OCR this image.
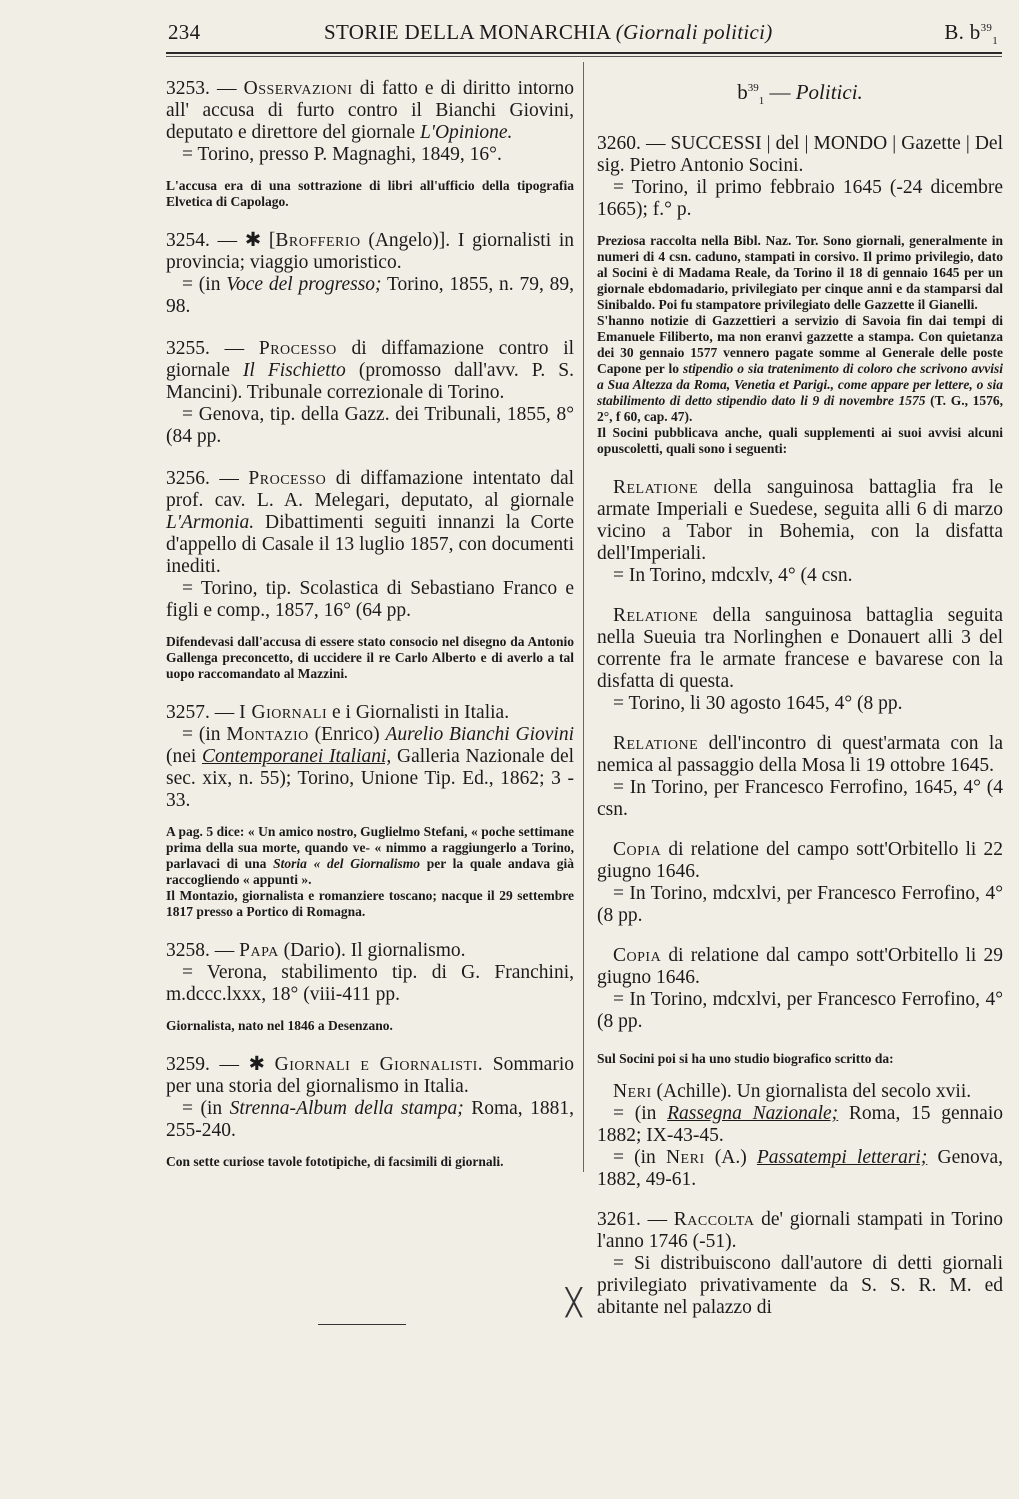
234	STORIE DELLA MONARCHIA (Giornali politici)	B. $b^{39}_1$
3253. — Osservazioni di fatto e di diritto intorno all' accusa di furto contro il Bianchi Giovini, deputato e direttore del giornale L'Opinione.
= Torino, presso P. Magnaghi, 1849, 16°.
L'accusa era di una sottrazione di libri all'ufficio della tipografia Elvetica di Capolago.
3254. — ✱ [Brofferio (Angelo)]. I giornalisti in provincia; viaggio umoristico.
= (in Voce del progresso; Torino, 1855, n. 79, 89, 98.
3255. — Processo di diffamazione contro il giornale Il Fischietto (promosso dall'avv. P. S. Mancini). Tribunale correzionale di Torino.
= Genova, tip. della Gazz. dei Tribunali, 1855, 8° (84 pp.
3256. — Processo di diffamazione intentato dal prof. cav. L. A. Melegari, deputato, al giornale L'Armonia. Dibattimenti seguiti innanzi la Corte d'appello di Casale il 13 luglio 1857, con documenti inediti.
= Torino, tip. Scolastica di Sebastiano Franco e figli e comp., 1857, 16° (64 pp.
Difendevasi dall'accusa di essere stato consocio nel disegno da Antonio Gallenga preconcetto, di uccidere il re Carlo Alberto e di averlo a tal uopo raccomandato al Mazzini.
3257. — I Giornali e i Giornalisti in Italia.
= (in Montazio (Enrico) Aurelio Bianchi Giovini (nei Contemporanei Italiani, Galleria Nazionale del sec. xix, n. 55); Torino, Unione Tip. Ed., 1862; 3 - 33.

A pag. 5 dice: « Un amico nostro, Guglielmo Stefani, « poche settimane prima della sua morte, quando ve- « nimmo a raggiungerlo a Torino, parlavaci di una Storia « del Giornalismo per la quale andava già raccogliendo « appunti ».

Il Montazio, giornalista e romanziere toscano; nacque il 29 settembre 1817 presso a Portico di Romagna.

3258. — Papa (Dario). Il giornalismo.
= Verona, stabilimento tip. di G. Franchini, m.dccc.lxxx, 18° (viii-411 pp.
Giornalista, nato nel 1846 a Desenzano.
3259. — ✱ Giornali e Giornalisti. Sommario per una storia del giornalismo in Italia.
= (in Strenna-Album della stampa; Roma, 1881, 255-240.
Con sette curiose tavole fototipiche, di facsimili di giornali.
╳
$b^{39}_1$ — Politici.
3260. — SUCCESSI | del | MONDO | Gazette | Del sig. Pietro Antonio Socini.
= Torino, il primo febbraio 1645 (-24 dicembre 1665); f.° p.

Preziosa raccolta nella Bibl. Naz. Tor. Sono giornali, generalmente in numeri di 4 csn. caduno, stampati in corsivo. Il primo privilegio, dato al Socini è di Madama Reale, da Torino il 18 di gennaio 1645 per un giornale ebdomadario, privilegiato per cinque anni e da stamparsi dal Sinibaldo. Poi fu stampatore privilegiato delle Gazzette il Gianelli.

S'hanno notizie di Gazzettieri a servizio di Savoia fin dai tempi di Emanuele Filiberto, ma non eranvi gazzette a stampa. Con quietanza dei 30 gennaio 1577 vennero pagate somme al Generale delle poste Capone per lo stipendio o sia tratenimento di coloro che scrivono avvisi a Sua Altezza da Roma, Venetia et Parigi., come appare per lettere, o sia stabilimento di detto stipendio dato li 9 di novembre 1575 (T. G., 1576, 2°, f 60, cap. 47).

Il Socini pubblicava anche, quali supplementi ai suoi avvisi alcuni opuscoletti, quali sono i seguenti:

Relatione della sanguinosa battaglia fra le armate Imperiali e Suedese, seguita alli 6 di marzo vicino a Tabor in Bohemia, con la disfatta dell'Imperiali.
= In Torino, mdcxlv, 4° (4 csn.
Relatione della sanguinosa battaglia seguita nella Sueuia tra Norlinghen e Donauert alli 3 del corrente fra le armate francese e bavarese con la disfatta di questa.
= Torino, li 30 agosto 1645, 4° (8 pp.
Relatione dell'incontro di quest'armata con la nemica al passaggio della Mosa li 19 ottobre 1645.
= In Torino, per Francesco Ferrofino, 1645, 4° (4 csn.
Copia di relatione del campo sott'Orbitello li 22 giugno 1646.
= In Torino, mdcxlvi, per Francesco Ferrofino, 4° (8 pp.
Copia di relatione dal campo sott'Orbitello li 29 giugno 1646.
= In Torino, mdcxlvi, per Francesco Ferrofino, 4° (8 pp.
Sul Socini poi si ha uno studio biografico scritto da:
Neri (Achille). Un giornalista del secolo xvii.
= (in Rassegna Nazionale; Roma, 15 gennaio 1882; IX-43-45.
= (in Neri (A.) Passatempi letterari; Genova, 1882, 49-61.
3261. — Raccolta de' giornali stampati in Torino l'anno 1746 (-51).
= Si distribuiscono dall'autore di detti giornali privilegiato privativamente da S. S. R. M. ed abitante nel palazzo di
